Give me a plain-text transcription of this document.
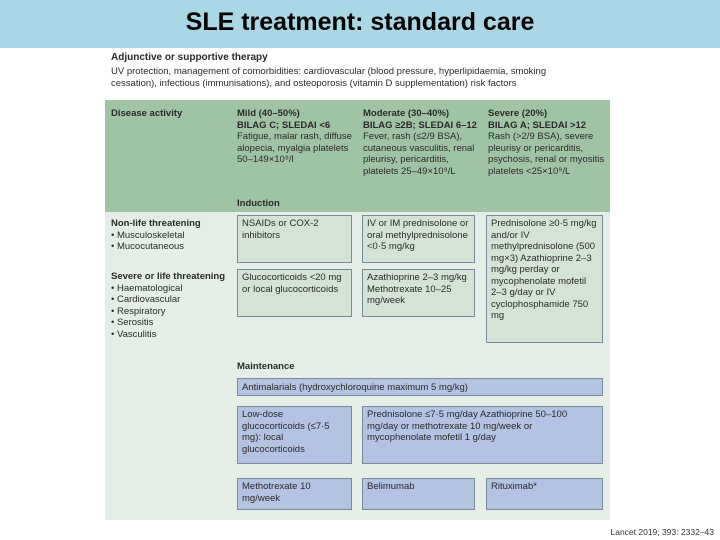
SLE treatment: standard care
Adjunctive or supportive therapy
UV protection, management of comorbidities: cardiovascular (blood pressure, hyperlipidaemia, smoking cessation), infectious (immunisations), and osteoporosis (vitamin D supplementation) risk factors
Disease activity	Mild (40–50%)
BILAG C; SLEDAI <6
Fatigue, malar rash, diffuse alopecia, myalgia platelets 50–149×10⁹/l
Moderate (30–40%)
BILAG ≥2B; SLEDAI 6–12
Fever, rash (≤2/9 BSA), cutaneous vasculitis, renal pleurisy, pericarditis, platelets 25–49×10⁹/L
Severe (20%)
BILAG A; SLEDAI >12
Rash (>2/9 BSA), severe pleurisy or pericarditis, psychosis, renal or myositis platelets <25×10⁹/L
Induction
Non-life threatening
• Musculoskeletal
• Mucocutaneous
Severe or life threatening
• Haematological
• Cardiovascular
• Respiratory
• Serositis
• Vasculitis
NSAIDs or COX-2 inhibitors
IV or IM prednisolone or oral methylprednisolone <0·5 mg/kg
Prednisolone ≥0·5 mg/kg and/or IV methylprednisolone (500 mg×3) Azathioprine 2–3 mg/kg perday or mycophenolate mofetil 2–3 g/day or IV cyclophosphamide 750 mg
Glucocorticoids <20 mg or local glucocorticoids
Azathioprine 2–3 mg/kg Methotrexate 10–25 mg/week
Maintenance
Antimalarials (hydroxychloroquine maximum 5 mg/kg)
Low-dose glucocorticoids (≤7·5 mg): local glucocorticoids
Prednisolone ≤7·5 mg/day Azathioprine 50–100 mg/day or methotrexate 10 mg/week or mycophenolate mofetil 1 g/day
Methotrexate 10 mg/week
Belimumab	Rituximab*
Lancet 2019; 393: 2332–43
